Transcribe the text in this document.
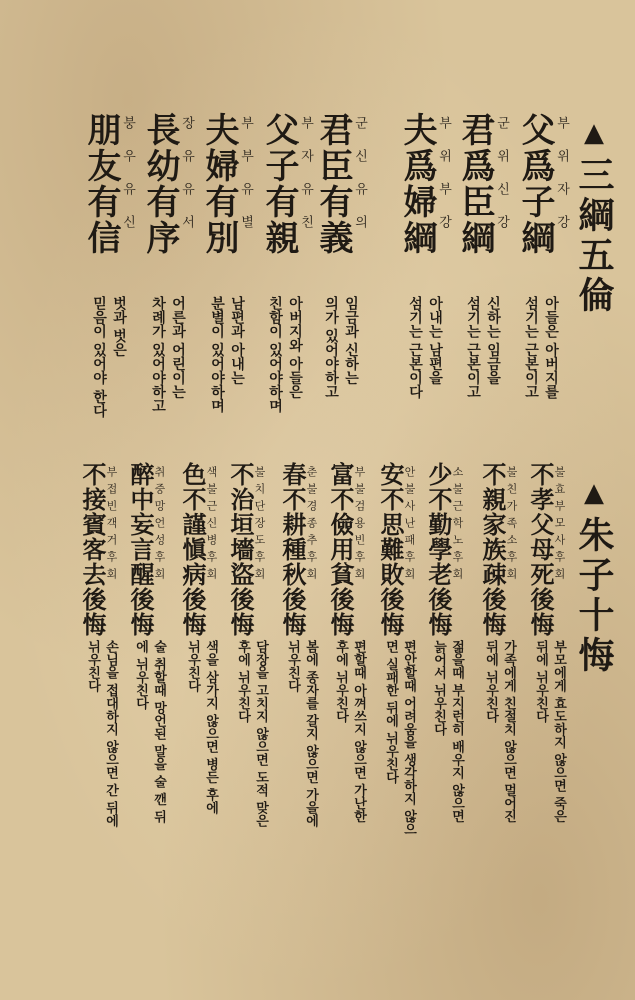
▲三綱五倫
父爲子綱 부위자강
君爲臣綱 군위신강
夫爲婦綱 부위부강
君臣有義 군신유의
父子有親 부자유친
夫婦有別 부부유별
長幼有序 장유유서
朋友有信 붕우유신
아들은 아버지를
섬기는 근본이고
신하는 임금을
섬기는 근본이고
아내는 남편을
섬기는 근본이다
임금과 신하는
의가 있어야하고
아버지와 아들은
친함이 있어야하며
남편과 아내는
분별이 있어야하며
어른과 어린이는
차례가 있어야하고
벗과 벗은
믿음이 있어야 한다
▲朱子十悔
不孝父母死後悔
불효부모사후회
不親家族疎後悔
불친가족소후회
少不勤學老後悔
소불근학노후회
安不思難敗後悔
안불사난패후회
富不儉用貧後悔
부불검용빈후회
春不耕種秋後悔
춘불경종추후회
不治垣墻盜後悔
불치단장도후회
色不謹愼病後悔
색불근신병후회
醉中妄言醒後悔
취중망언성후회
不接賓客去後悔
부접빈객거후회
부모에게 효도하지 않으면 죽은
뒤에 뉘우친다
가족에게 친절치 않으면 멀어진
뒤에 뉘우친다
젊을때 부지런히 배우지 않으면
늙어서 뉘우친다
편안할때 어려움을 생각하지 않으
면 실패한 뒤에 뉘우친다
편할때 아껴쓰지 않으면 가난한
후에 뉘우친다
봄에 종자를 갈지 않으면 가을에
뉘우친다
담장을 고치지 않으면 도적 맞은
후에 뉘우친다
색을 삼가지 않으면 병든 후에
뉘우친다
술 취할때 망언된 말을 술 깬 뒤
에 뉘우친다
손님을 접대하지 않으면 간 뒤에
뉘우친다
